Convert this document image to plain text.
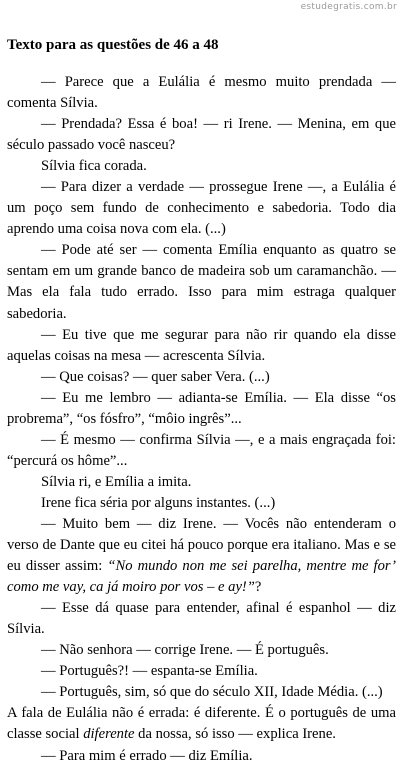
estudegratis.com.br
Texto para as questões de 46 a 48

— Parece que a Eulália é mesmo muito prendada — comenta Sílvia.

— Prendada? Essa é boa! — ri Irene. — Menina, em que século passado você nasceu?

Sílvia fica corada.

— Para dizer a verdade — prossegue Irene —, a Eulália é um poço sem fundo de conhecimento e sabedoria. Todo dia aprendo uma coisa nova com ela. (...)

— Pode até ser — comenta Emília enquanto as quatro se sentam em um grande banco de madeira sob um caramanchão. — Mas ela fala tudo errado. Isso para mim estraga qualquer sabedoria.

— Eu tive que me segurar para não rir quando ela disse aquelas coisas na mesa — acrescenta Sílvia.

— Que coisas? — quer saber Vera. (...)

— Eu me lembro — adianta-se Emília. — Ela disse “os probrema”, “os fósfro”, “môio ingrês”...

— É mesmo — confirma Sílvia —, e a mais engraçada foi: “percurá os hôme”...

Sílvia ri, e Emília a imita.

Irene fica séria por alguns instantes. (...)

— Muito bem — diz Irene. — Vocês não entenderam o verso de Dante que eu citei há pouco porque era italiano. Mas e se eu disser assim: “No mundo non me sei parelha, mentre me for’ como me vay, ca já moiro por vos – e ay!”?

— Esse dá quase para entender, afinal é espanhol — diz Sílvia.

— Não senhora — corrige Irene. — É português.

— Português?! — espanta-se Emília.

— Português, sim, só que do século XII, Idade Média. (...)

A fala de Eulália não é errada: é diferente. É o português de uma classe social diferente da nossa, só isso — explica Irene.

— Para mim é errado — diz Emília.
